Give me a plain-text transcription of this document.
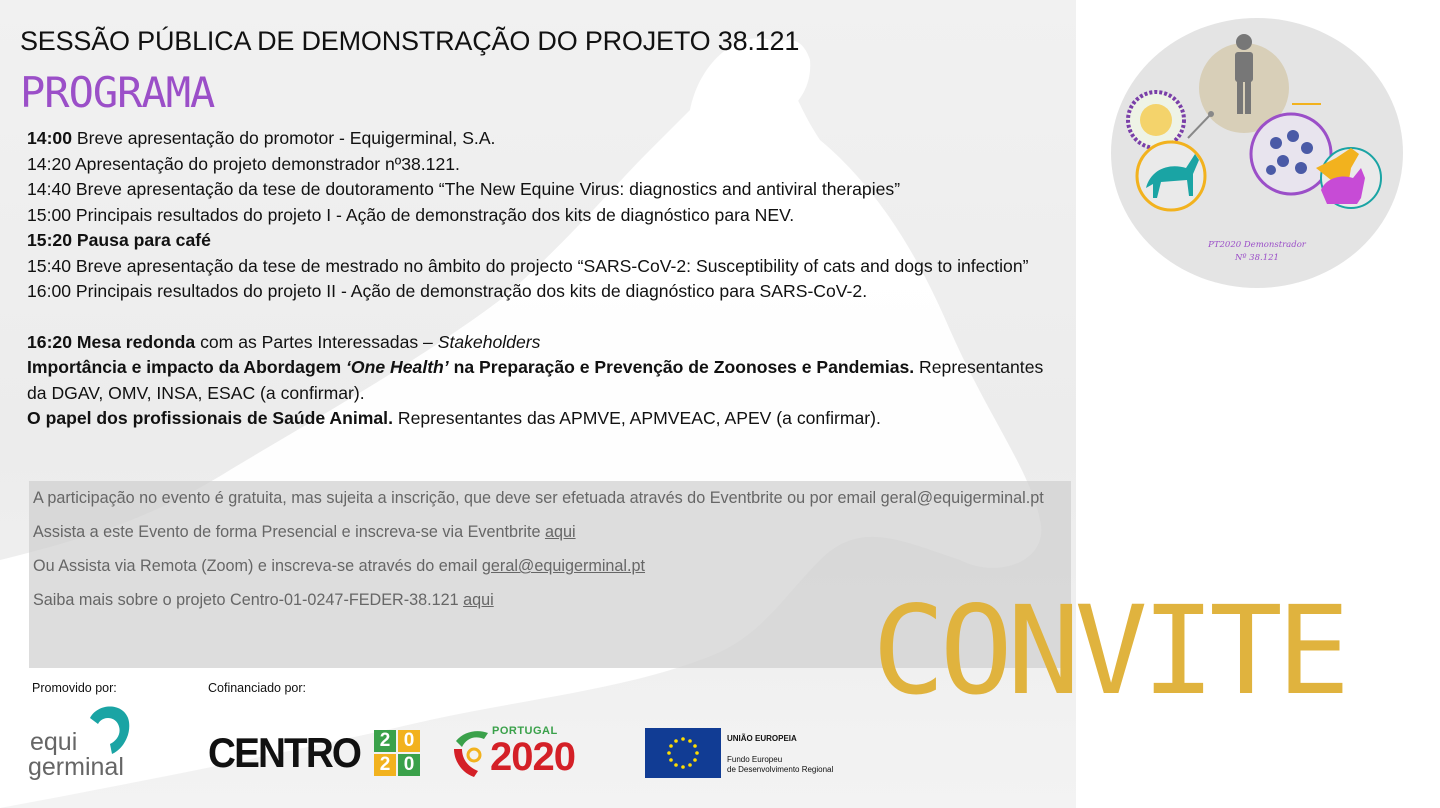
SESSÃO PÚBLICA DE DEMONSTRAÇÃO DO PROJETO 38.121
PROGRAMA

14:00 Breve apresentação do promotor - Equigerminal, S.A.

14:20 Apresentação do projeto demonstrador nº38.121.

14:40 Breve apresentação da tese de doutoramento “The New Equine Virus: diagnostics and antiviral therapies”

15:00 Principais resultados do projeto I - Ação de demonstração dos kits de diagnóstico para NEV.

15:20 Pausa para café

15:40 Breve apresentação da tese de mestrado no âmbito do projecto “SARS-CoV-2: Susceptibility of cats and dogs to infection”

16:00 Principais resultados do projeto II - Ação de demonstração dos kits de diagnóstico para SARS-CoV-2.

16:20 Mesa redonda com as Partes Interessadas – Stakeholders

Importância e impacto da Abordagem ‘One Health’ na Preparação e Prevenção de Zoonoses e Pandemias. Representantes da DGAV, OMV, INSA, ESAC (a confirmar).

O papel dos profissionais de Saúde Animal. Representantes das APMVE, APMVEAC, APEV (a confirmar).

A participação no evento é gratuita, mas sujeita a inscrição, que deve ser efetuada através do Eventbrite ou por email geral@equigerminal.pt

Assista a este Evento de forma Presencial e inscreva-se via Eventbrite aqui

Ou Assista via Remota (Zoom) e inscreva-se através do email geral@equigerminal.pt

Saiba mais sobre o projeto Centro-01-0247-FEDER-38.121 aqui

Promovido por:	Cofinanciado por:
equi
germinal CENTRO	2 0
2 0
PORTUGAL
2020	UNIÃO EUROPEIA
Fundo Europeu
de Desenvolvimento Regional
PT2020 Demonstrador
Nº 38.121
CONVITE
